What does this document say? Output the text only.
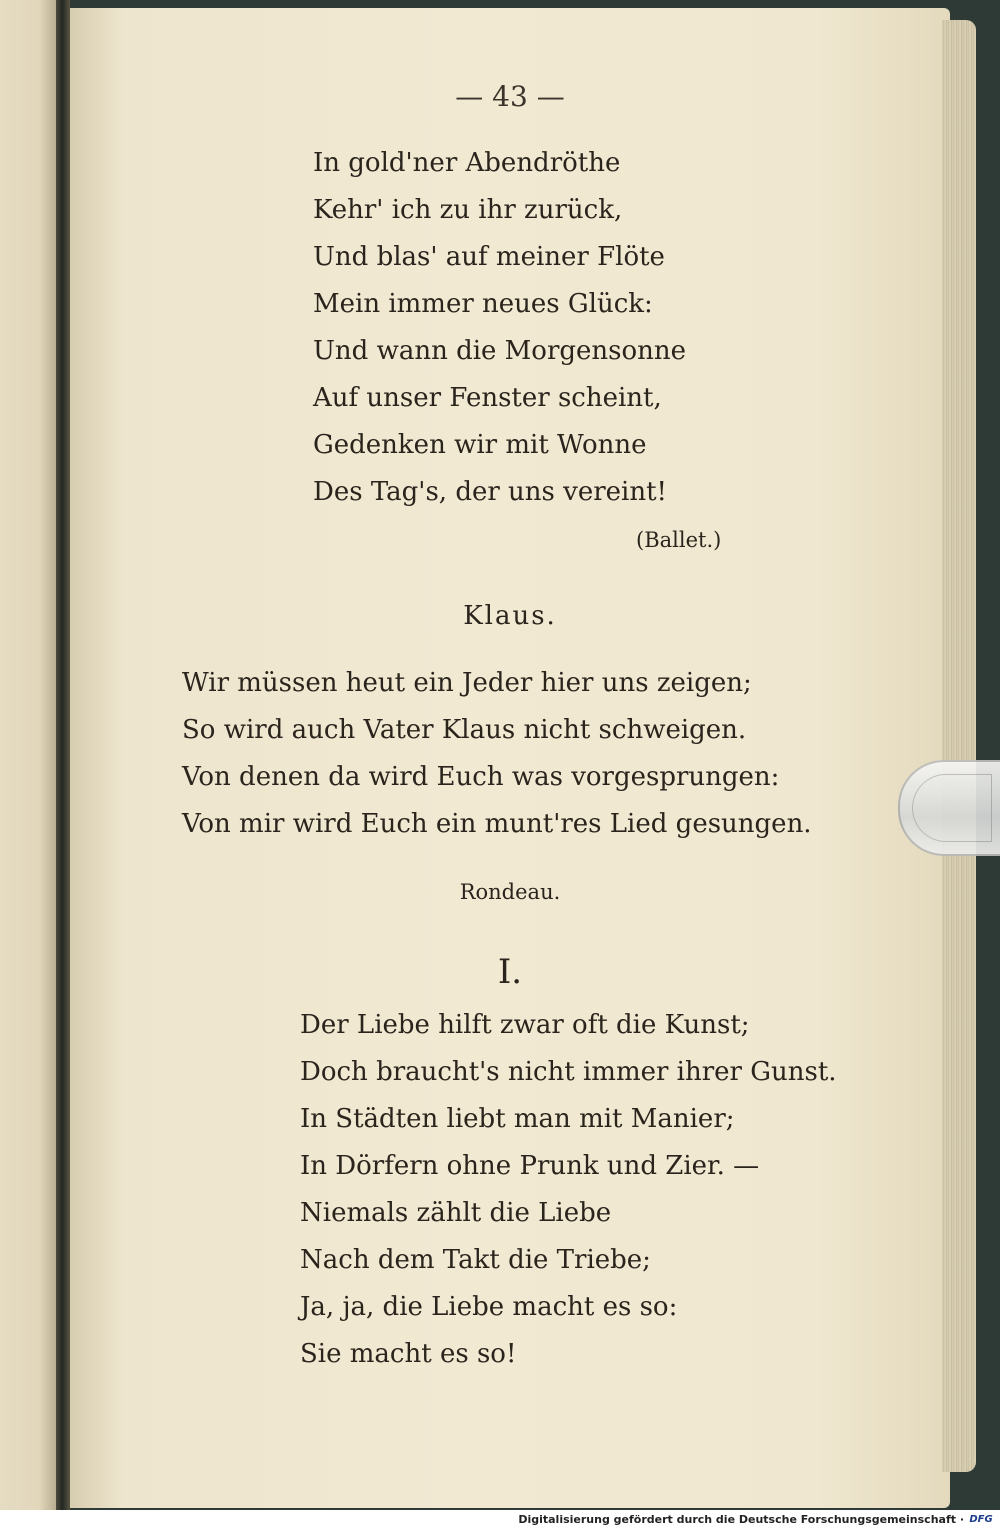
— 43 —
In gold'ner Abendröthe
Kehr' ich zu ihr zurück,
Und blas' auf meiner Flöte
Mein immer neues Glück:
Und wann die Morgensonne
Auf unser Fenster scheint,
Gedenken wir mit Wonne
Des Tag's, der uns vereint!
(Ballet.)
Klaus.
Wir müssen heut ein Jeder hier uns zeigen;
So wird auch Vater Klaus nicht schweigen.
Von denen da wird Euch was vorgesprungen:
Von mir wird Euch ein munt'res Lied gesungen.
Rondeau.
I.
Der Liebe hilft zwar oft die Kunst;
Doch braucht's nicht immer ihrer Gunst.
In Städten liebt man mit Manier;
In Dörfern ohne Prunk und Zier. —
Niemals zählt die Liebe
Nach dem Takt die Triebe;
Ja, ja, die Liebe macht es so:
Sie macht es so!
Digitalisierung gefördert durch die Deutsche Forschungsgemeinschaft · DFG
